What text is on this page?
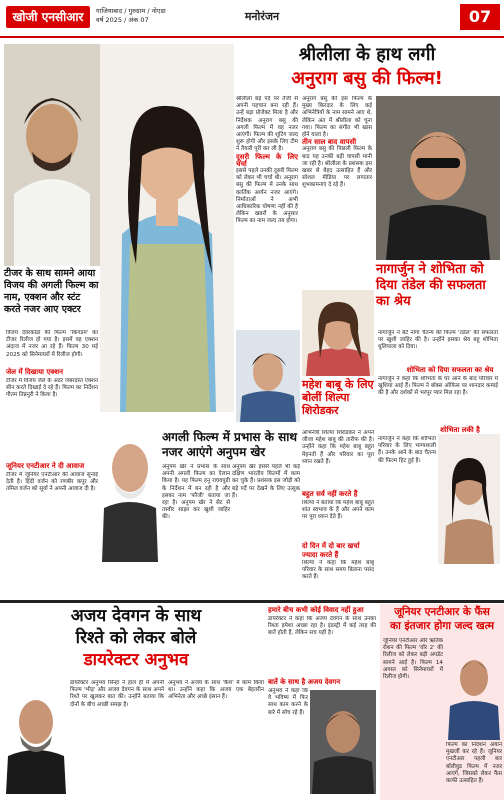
खोजी एनसीआर	गाजियाबाद / गुरुग्राम / नोएडा
वर्ष 2025 / अंक 07	मनोरंजन	07
श्रीलीला के हाथ लगी
अनुराग बसु की फिल्म!
श्रीलीला बड़े पर्दे पर तेजी से अपनी पहचान बना रही हैं। उन्हें बड़ा प्रोजेक्ट मिला है और निर्देशक अनुराग बसु की अगली फिल्म में वह नजर आएंगी। फिल्म की शूटिंग जल्द शुरू होगी और इसके लिए टीम ने तैयारी पूरी कर ली है।
दूसरी फिल्म के लिए चर्चा
इससे पहले उनकी दूसरी फिल्म को लेकर भी चर्चा थी। अनुराग बसु की फिल्म में उनके साथ कार्तिक आर्यन नजर आएंगे। निर्माताओं ने अभी आधिकारिक घोषणा नहीं की है लेकिन खबरों के अनुसार फिल्म का नाम जल्द तय होगा।
अनुराग बसु की इस फिल्म के मुख्य किरदार के लिए कई अभिनेत्रियों के नाम सामने आए थे, लेकिन अंत में श्रीलीला को चुना गया। फिल्म का संगीत भी खास होने वाला है।
तीन साल बाद वापसी
अनुराग बसु की पिछली फिल्म के बाद यह उनकी बड़ी वापसी मानी जा रही है। श्रीलीला के प्रशंसक इस खबर से बेहद उत्साहित हैं और सोशल मीडिया पर लगातार शुभकामनाएं दे रहे हैं।
नागार्जुन ने शोभिता को दिया तंडेल की सफलता का श्रेय
नागार्जुन ने बेटे नागा चैतन्य की फिल्म 'तंडेल' की सफलता पर खुशी जाहिर की है। उन्होंने इसका श्रेय बहू शोभिता धुलिपाला को दिया।
शोभिता को दिया सफलता का श्रेय
नागार्जुन ने कहा कि शोभिता के घर आने के बाद परिवार में खुशियां आई हैं। फिल्म ने बॉक्स ऑफिस पर शानदार कमाई की है और दर्शकों से भरपूर प्यार मिल रहा है।
शोभिता लकी है
नागार्जुन ने कहा कि शोभिता परिवार के लिए भाग्यशाली हैं। उनके आने के बाद चैतन्य की फिल्म हिट हुई है।
टीजर के साथ सामने आया विजय की अगली फिल्म का नाम, एक्शन और स्टंट करते नजर आए एक्टर
विजय देवरकोंडा की फिल्म 'किंगडम' का टीजर रिलीज हो गया है। इसमें वह एक्शन अंदाज में नजर आ रहे हैं। फिल्म 30 मई 2025 को सिनेमाघरों में रिलीज होगी।
जेल में दिखाया एक्शन
टीजर में विजय जेल के अंदर जबरदस्त एक्शन सीन करते दिखाई दे रहे हैं। फिल्म का निर्देशन गौतम तिन्ननुरी ने किया है।
जूनियर एनटीआर ने दी आवाज
टीजर में जूनियर एनटीआर की आवाज सुनाई देती है। हिंदी वर्जन को रणबीर कपूर और तमिल वर्जन को सूर्या ने अपनी आवाज दी है।
महेश बाबू के लिए बोलीं शिल्पा शिरोडकर
अभिनेत्री शिल्पा शिरोडकर ने अपने जीजा महेश बाबू की तारीफ की है। उन्होंने कहा कि महेश बाबू बहुत मेहनती हैं और परिवार का पूरा ध्यान रखते हैं।
बहुत सर्व नहीं करते हैं
शिल्पा ने बताया कि महेश बाबू बहुत शांत स्वभाव के हैं और अपने काम पर पूरा ध्यान देते हैं।
दो दिन में दो बार खर्चा ज्यादा करते हैं
शिल्पा ने कहा कि महेश बाबू परिवार के साथ समय बिताना पसंद करते हैं।
अगली फिल्म में प्रभास के साथ नजर आएंगे अनुपम खेर
अनुपम खेर ने प्रभास के साथ अपनी अगली फिल्म का ऐलान किया है। यह फिल्म हनु राघवपुडी के निर्देशन में बन रही है और इसका नाम 'फौजी' बताया जा रहा है। अनुपम खेर ने सेट से तस्वीर साझा कर खुशी जाहिर की।
अनुपम खेर इससे पहले भी कई दक्षिण भारतीय फिल्मों में काम कर चुके हैं। प्रशंसक इस जोड़ी को बड़े पर्दे पर देखने के लिए उत्सुक हैं।
अजय देवगन के साथ
रिश्ते को लेकर बोले
डायरेक्टर अनुभव
डायरेक्टर अनुभव सिन्हा ने हाल ही में अपनी फिल्म 'भीड़' और अजय देवगन के साथ अपने रिश्ते पर खुलकर बात की। उन्होंने बताया कि दोनों के बीच अच्छी समझ है।
अनुभव ने अजय के साथ 'कैश' में काम किया था। उन्होंने कहा कि अजय एक बेहतरीन अभिनेता और अच्छे इंसान हैं।
हमारे बीच कभी कोई विवाद नहीं हुआ
डायरेक्टर ने कहा कि अजय देवगन के साथ उनका रिश्ता हमेशा अच्छा रहा है। इंडस्ट्री में कई तरह की बातें होती हैं, लेकिन सच यही है।
बातें के साथ है अजय देवगन
अनुभव ने कहा कि वे भविष्य में फिर साथ काम करने के बारे में सोच रहे हैं।
जूनियर एनटीआर के फैंस
का इंतजार होगा जल्द खत्म
जूनियर एनटीआर और ऋतिक रोशन की फिल्म 'वॉर 2' की रिलीज को लेकर बड़ी अपडेट सामने आई है। फिल्म 14 अगस्त को सिनेमाघरों में रिलीज होगी।
फिल्म का निर्देशन अयान मुखर्जी कर रहे हैं। जूनियर एनटीआर पहली बार बॉलीवुड फिल्म में नजर आएंगे, जिसको लेकर फैंस काफी उत्साहित हैं।
